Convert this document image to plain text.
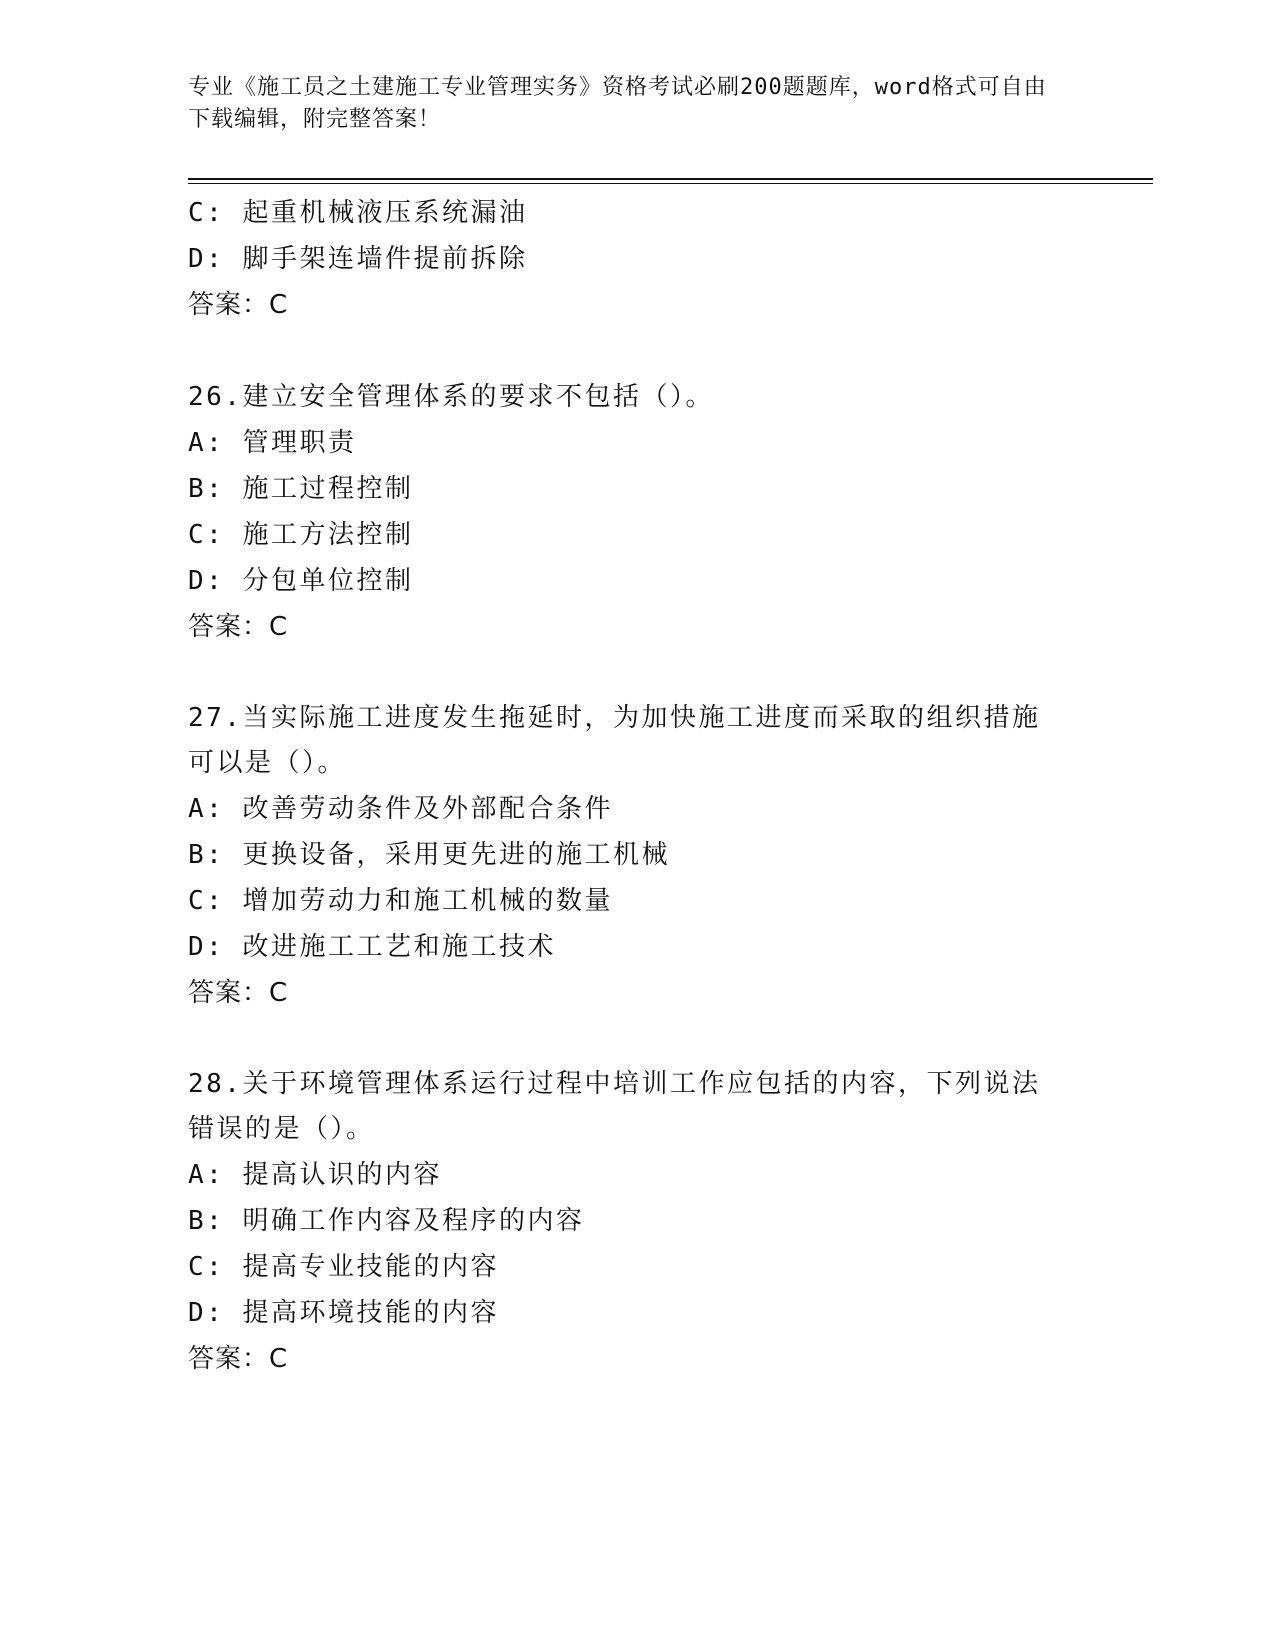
专业《施工员之土建施工专业管理实务》资格考试必刷200题题库，word格式可自由下载编辑，附完整答案！
C: 起重机械液压系统漏油
D: 脚手架连墙件提前拆除
答案：C
26.建立安全管理体系的要求不包括（）。
A: 管理职责
B: 施工过程控制
C: 施工方法控制
D: 分包单位控制
答案：C
27.当实际施工进度发生拖延时，为加快施工进度而采取的组织措施可以是（）。
A: 改善劳动条件及外部配合条件
B: 更换设备，采用更先进的施工机械
C: 增加劳动力和施工机械的数量
D: 改进施工工艺和施工技术
答案：C
28.关于环境管理体系运行过程中培训工作应包括的内容，下列说法错误的是（）。
A: 提高认识的内容
B: 明确工作内容及程序的内容
C: 提高专业技能的内容
D: 提高环境技能的内容
答案：C
